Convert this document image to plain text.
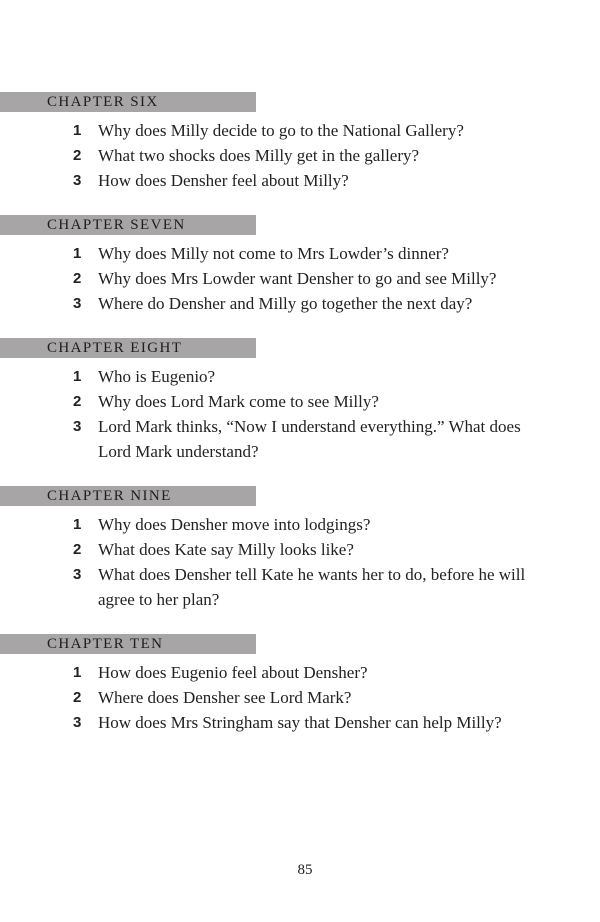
CHAPTER SIX
1 Why does Milly decide to go to the National Gallery?
2 What two shocks does Milly get in the gallery?
3 How does Densher feel about Milly?
CHAPTER SEVEN
1 Why does Milly not come to Mrs Lowder’s dinner?
2 Why does Mrs Lowder want Densher to go and see Milly?
3 Where do Densher and Milly go together the next day?
CHAPTER EIGHT
1 Who is Eugenio?
2 Why does Lord Mark come to see Milly?
3 Lord Mark thinks, “Now I understand everything.” What does Lord Mark understand?
CHAPTER NINE
1 Why does Densher move into lodgings?
2 What does Kate say Milly looks like?
3 What does Densher tell Kate he wants her to do, before he will agree to her plan?
CHAPTER TEN
1 How does Eugenio feel about Densher?
2 Where does Densher see Lord Mark?
3 How does Mrs Stringham say that Densher can help Milly?
85
